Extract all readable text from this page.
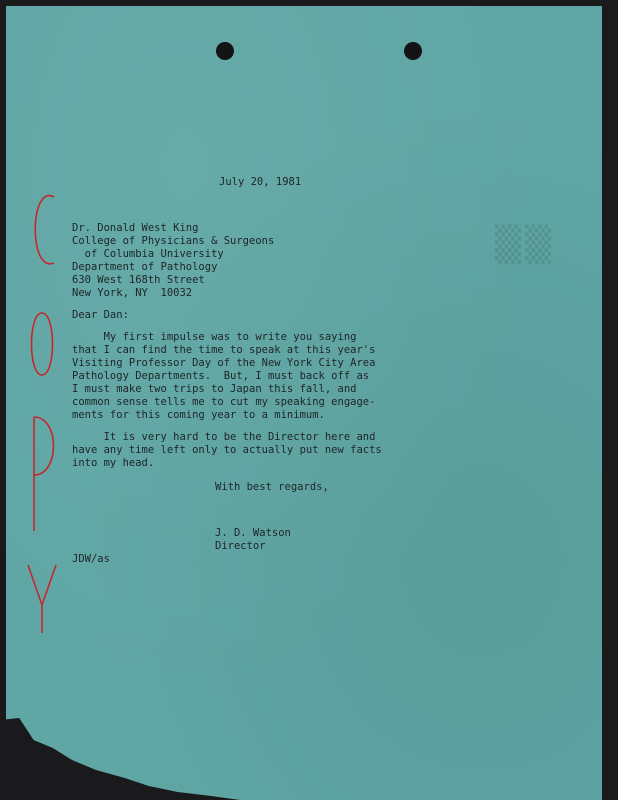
▒▒
July 20, 1981
Dr. Donald West King
College of Physicians & Surgeons
of Columbia University
Department of Pathology
630 West 168th Street
New York, NY  10032
Dear Dan:
My first impulse was to write you saying
that I can find the time to speak at this year's
Visiting Professor Day of the New York City Area
Pathology Departments.  But, I must back off as
I must make two trips to Japan this fall, and
common sense tells me to cut my speaking engage-
ments for this coming year to a minimum.
It is very hard to be the Director here and
have any time left only to actually put new facts
into my head.
With best regards,
J. D. Watson
Director
JDW/as
